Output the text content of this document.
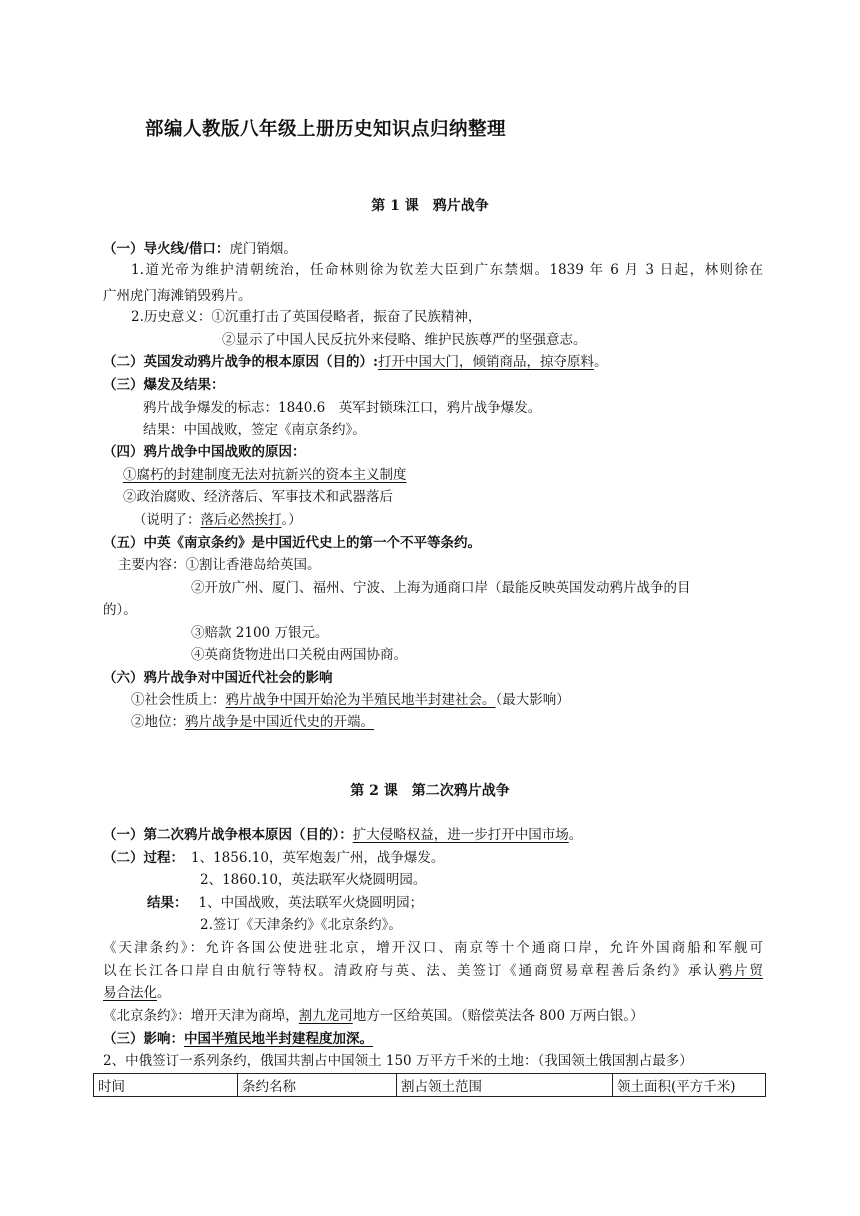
部编人教版八年级上册历史知识点归纳整理
第 1 课 鸦片战争
（一）导火线/借口：虎门销烟。
1.道光帝为维护清朝统治，任命林则徐为钦差大臣到广东禁烟。1839 年 6 月 3 日起，林则徐在
广州虎门海滩销毁鸦片。
2.历史意义：①沉重打击了英国侵略者，振奋了民族精神，
②显示了中国人民反抗外来侵略、维护民族尊严的坚强意志。
（二）英国发动鸦片战争的根本原因（目的）:打开中国大门，倾销商品，掠夺原料。
（三）爆发及结果：
鸦片战争爆发的标志：1840.6　英军封锁珠江口，鸦片战争爆发。
结果：中国战败，签定《南京条约》。
（四）鸦片战争中国战败的原因：
①腐朽的封建制度无法对抗新兴的资本主义制度
②政治腐败、经济落后、军事技术和武器落后
（说明了：落后必然挨打。）
（五）中英《南京条约》是中国近代史上的第一个不平等条约。
主要内容：①割让香港岛给英国。
②开放广州、厦门、福州、宁波、上海为通商口岸（最能反映英国发动鸦片战争的目
的）。
③赔款 2100 万银元。
④英商货物进出口关税由两国协商。
（六）鸦片战争对中国近代社会的影响
①社会性质上：鸦片战争中国开始沦为半殖民地半封建社会。（最大影响）
②地位：鸦片战争是中国近代史的开端。
第 2 课 第二次鸦片战争
（一）第二次鸦片战争根本原因（目的）：扩大侵略权益，进一步打开中国市场。
（二）过程： 1、1856.10，英军炮轰广州，战争爆发。
2、1860.10，英法联军火烧圆明园。
结果： 1、中国战败，英法联军火烧圆明园；
2.签订《天津条约》《北京条约》。
《天津条约》：允许各国公使进驻北京，增开汉口、南京等十个通商口岸，允许外国商船和军舰可
以在长江各口岸自由航行等特权。清政府与英、法、美签订《通商贸易章程善后条约》承认鸦片贸
易合法化。
《北京条约》：增开天津为商埠，割九龙司地方一区给英国。（赔偿英法各 800 万两白银。）
（三）影响：中国半殖民地半封建程度加深。
2、中俄签订一系列条约，俄国共割占中国领土 150 万平方千米的土地：（我国领土俄国割占最多）
时间	条约名称	割占领土范围	领土面积(平方千米)
